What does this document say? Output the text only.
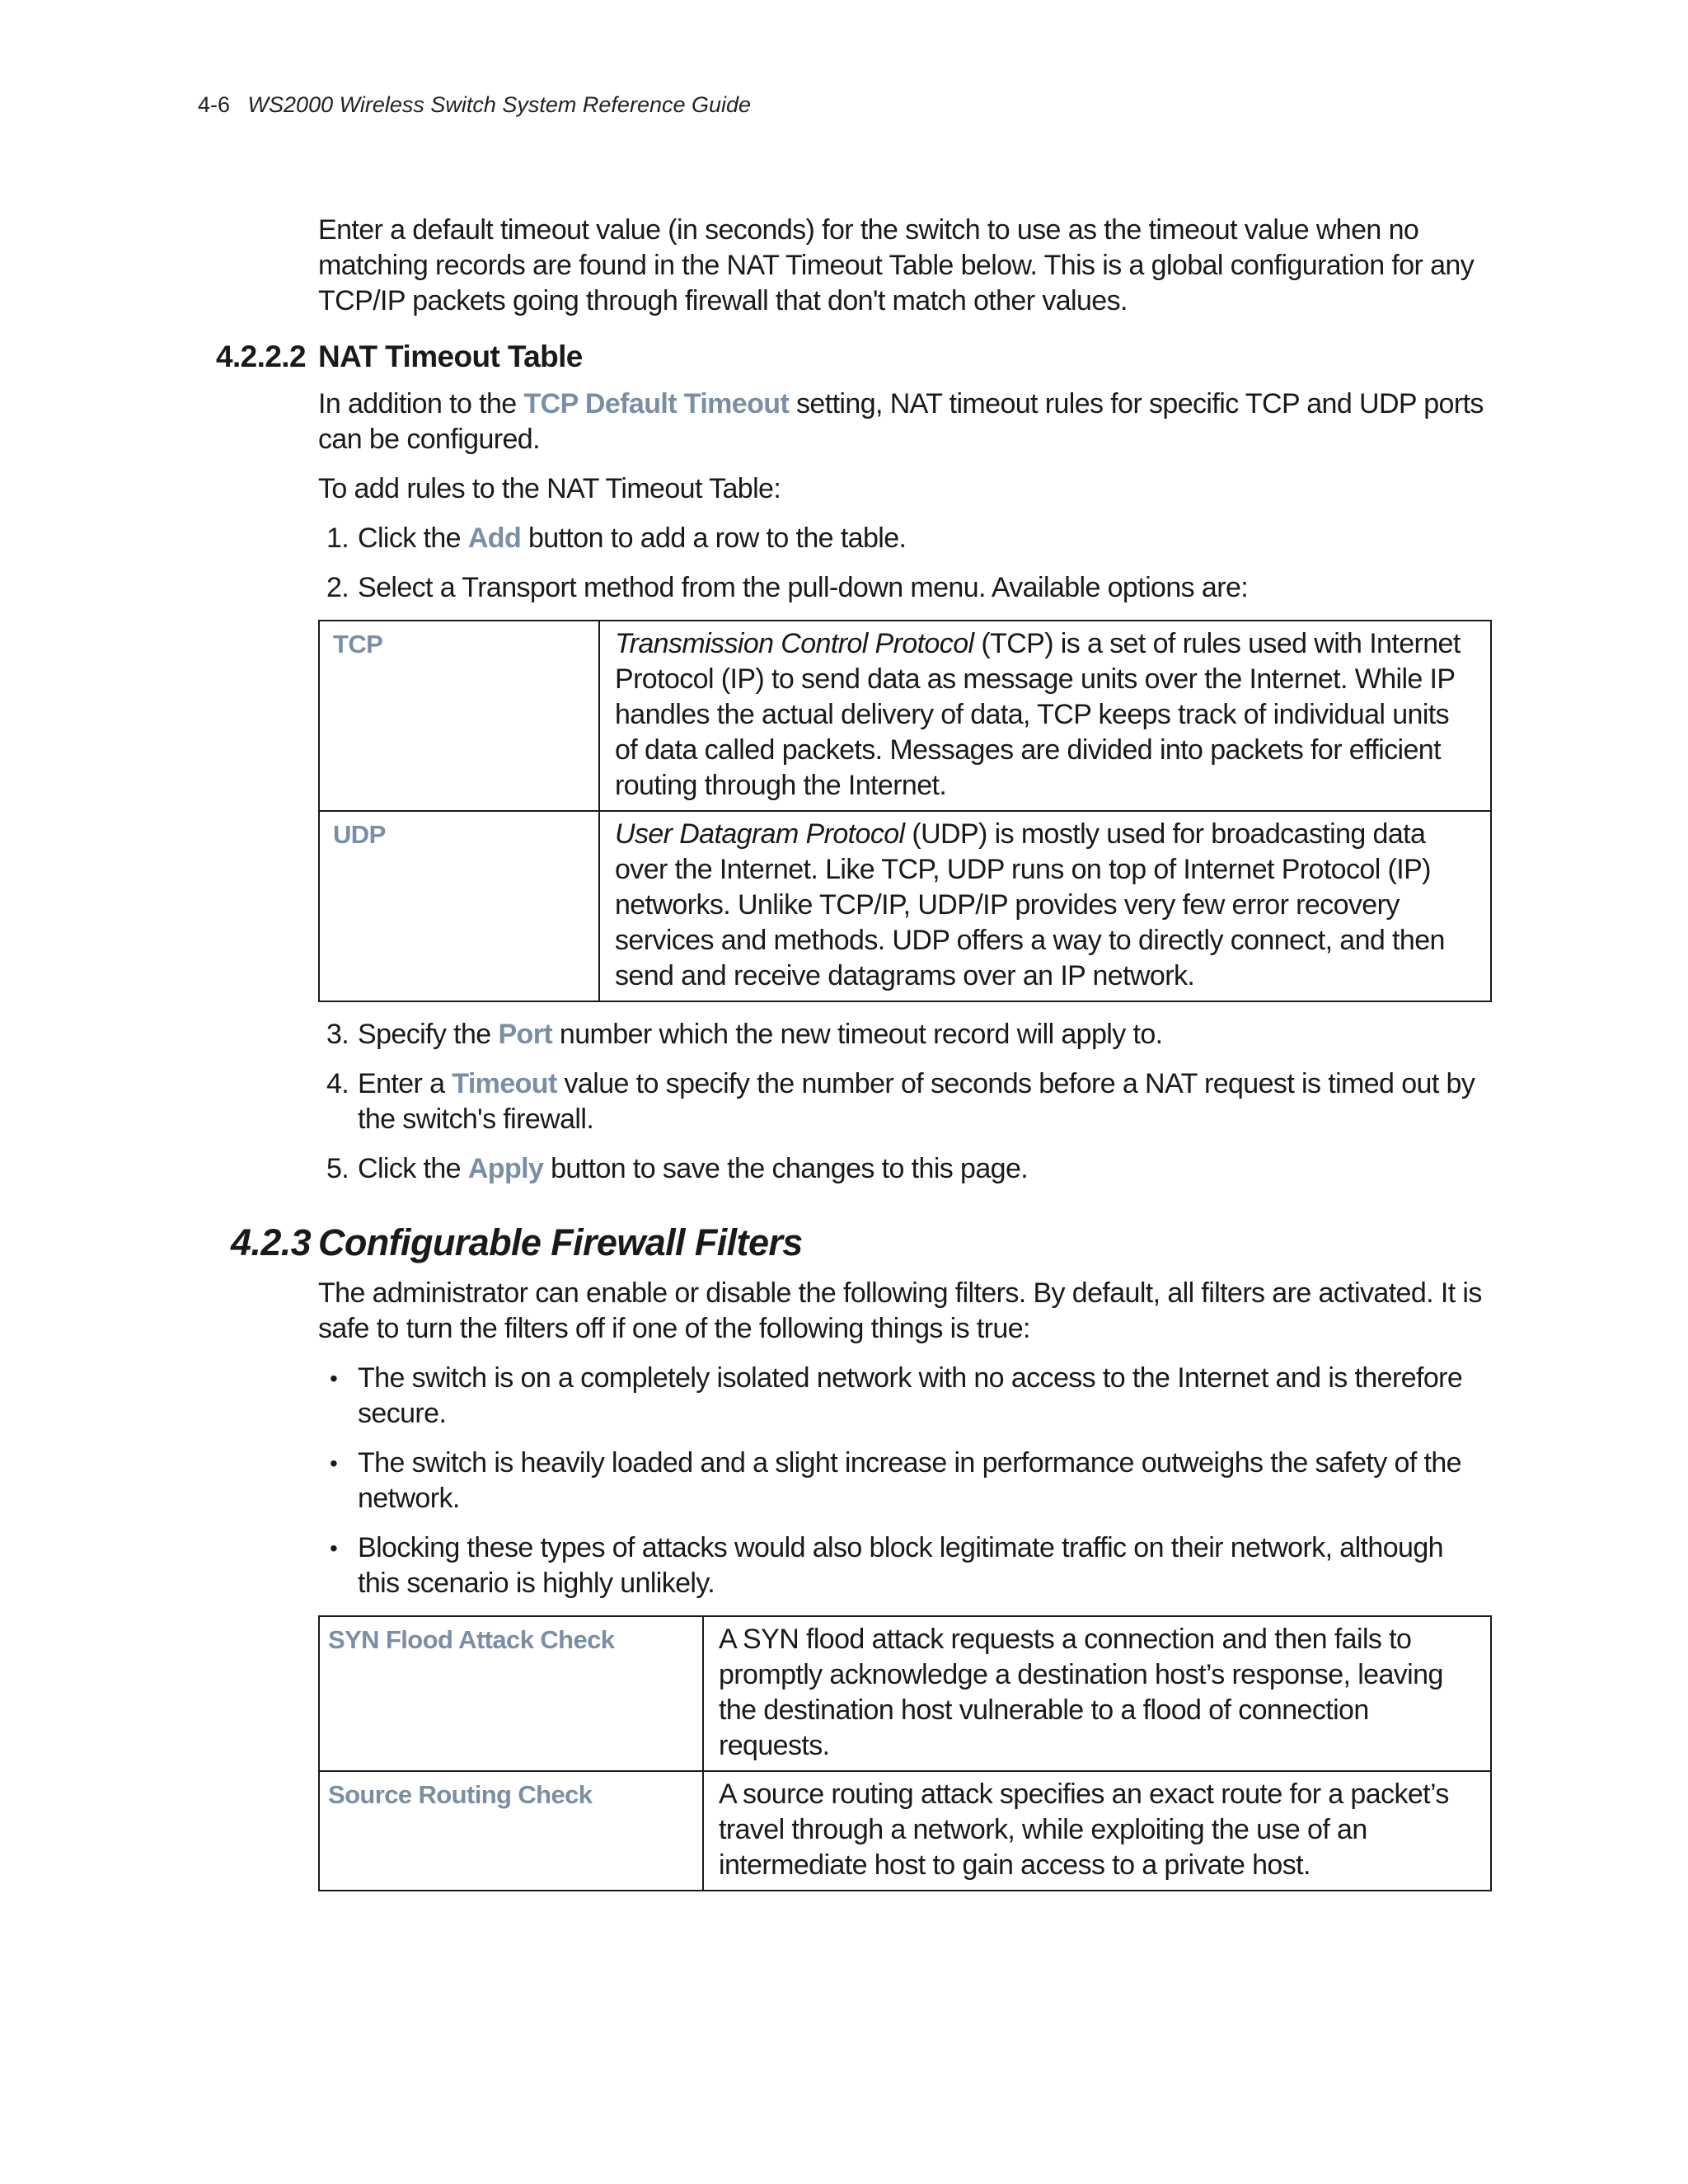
4-6 WS2000 Wireless Switch System Reference Guide

Enter a default timeout value (in seconds) for the switch to use as the timeout value when no matching records are found in the NAT Timeout Table below. This is a global configuration for any TCP/IP packets going through firewall that don't match other values.

4.2.2.2 NAT Timeout Table

In addition to the TCP Default Timeout setting, NAT timeout rules for specific TCP and UDP ports can be configured.

To add rules to the NAT Timeout Table:

1. Click the Add button to add a row to the table.
2. Select a Transport method from the pull-down menu. Available options are:
TCP	Transmission Control Protocol (TCP) is a set of rules used with Internet Protocol (IP) to send data as message units over the Internet. While IP handles the actual delivery of data, TCP keeps track of individual units of data called packets. Messages are divided into packets for efficient routing through the Internet.
UDP	User Datagram Protocol (UDP) is mostly used for broadcasting data over the Internet. Like TCP, UDP runs on top of Internet Protocol (IP) networks. Unlike TCP/IP, UDP/IP provides very few error recovery services and methods. UDP offers a way to directly connect, and then send and receive datagrams over an IP network.
3. Specify the Port number which the new timeout record will apply to.
4. Enter a Timeout value to specify the number of seconds before a NAT request is timed out by the switch's firewall.
5. Click the Apply button to save the changes to this page.
4.2.3 Configurable Firewall Filters

The administrator can enable or disable the following filters. By default, all filters are activated. It is safe to turn the filters off if one of the following things is true:

• The switch is on a completely isolated network with no access to the Internet and is therefore secure.
• The switch is heavily loaded and a slight increase in performance outweighs the safety of the network.
• Blocking these types of attacks would also block legitimate traffic on their network, although this scenario is highly unlikely.
SYN Flood Attack Check	A SYN flood attack requests a connection and then fails to promptly acknowledge a destination host’s response, leaving the destination host vulnerable to a flood of connection requests.
Source Routing Check	A source routing attack specifies an exact route for a packet’s travel through a network, while exploiting the use of an intermediate host to gain access to a private host.
